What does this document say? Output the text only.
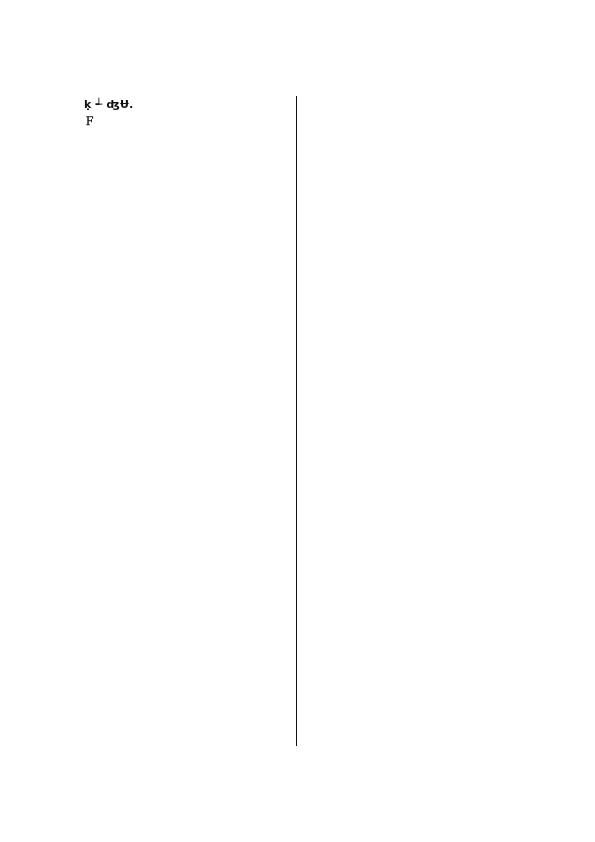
ḳ ┵ ʤɄ.
Ｆ
